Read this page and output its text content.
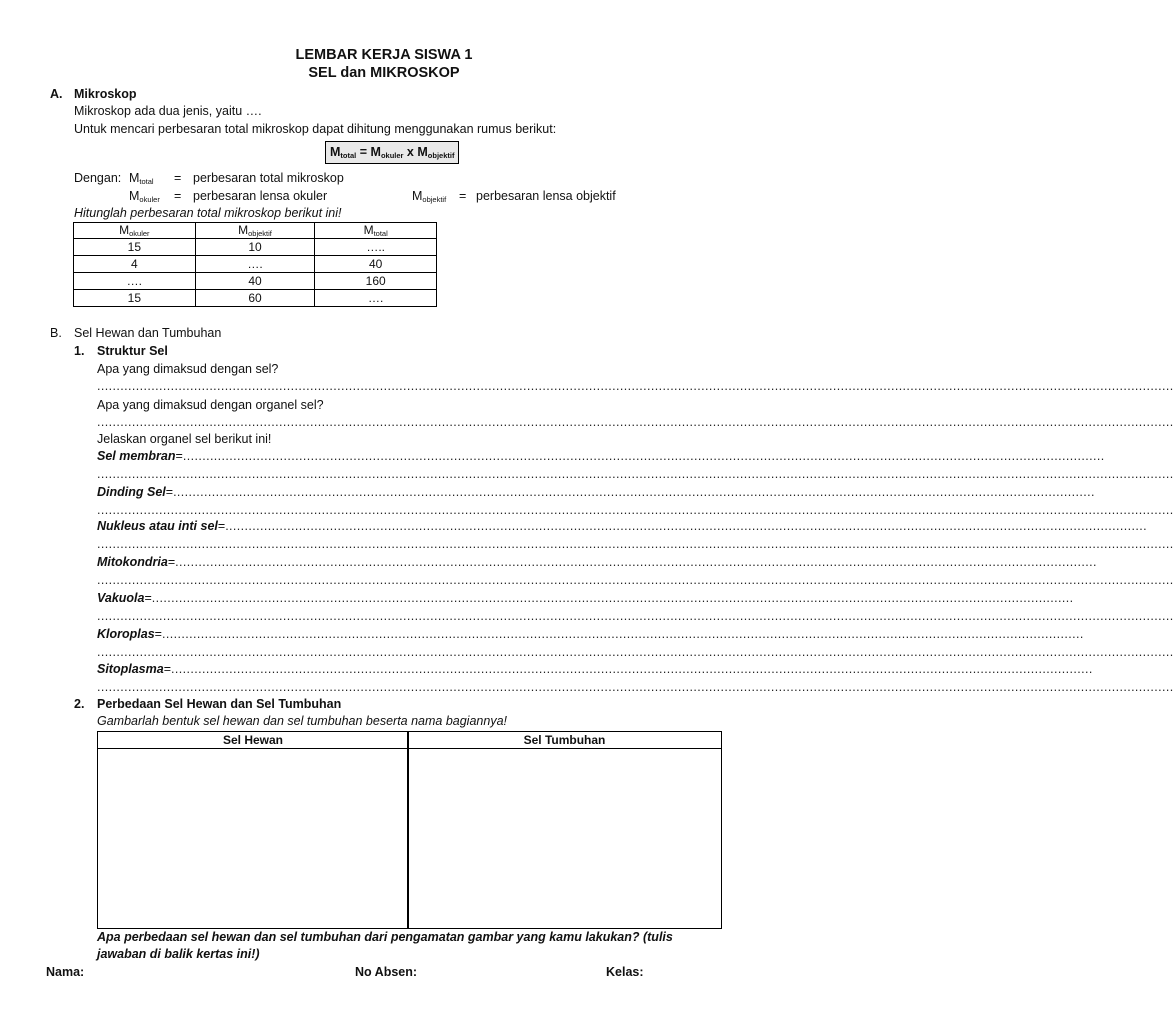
LEMBAR KERJA SISWA 1
SEL dan MIKROSKOP
A. Mikroskop
Mikroskop ada dua jenis, yaitu ….
Untuk mencari perbesaran total mikroskop dapat dihitung menggunakan rumus berikut:
$M_{total} = M_{okuler}$ x $M_{objektif}$
Dengan: $M_{total}$ = perbesaran total mikroskop
$M_{okuler}$ = perbesaran lensa okuler	$M_{objektif}$ = perbesaran lensa objektif
Hitunglah perbesaran total mikroskop berikut ini!
$M_{okuler}$	$M_{objektif}$	$M_{total}$
15	10	…..
4	….	40
….	40	160
15	60	….
B. Sel Hewan dan Tumbuhan
1. Struktur Sel
Apa yang dimaksud dengan sel?
......................................................................................................................................................................................................................................................................................
Apa yang dimaksud dengan organel sel?
......................................................................................................................................................................................................................................................................................
Jelaskan organel sel berikut ini!
Sel membran = ..............................................................................................................................................................................................................................................
......................................................................................................................................................................................................................................................................................
Dinding Sel = ..............................................................................................................................................................................................................................................
......................................................................................................................................................................................................................................................................................
Nukleus atau inti sel = ..............................................................................................................................................................................................................................................
......................................................................................................................................................................................................................................................................................
Mitokondria = ..............................................................................................................................................................................................................................................
......................................................................................................................................................................................................................................................................................
Vakuola = ..............................................................................................................................................................................................................................................
......................................................................................................................................................................................................................................................................................
Kloroplas = ..............................................................................................................................................................................................................................................
......................................................................................................................................................................................................................................................................................
Sitoplasma = ..............................................................................................................................................................................................................................................
......................................................................................................................................................................................................................................................................................
2. Perbedaan Sel Hewan dan Sel Tumbuhan
Gambarlah bentuk sel hewan dan sel tumbuhan beserta nama bagiannya!
Sel Hewan	Sel Tumbuhan
Apa perbedaan sel hewan dan sel tumbuhan dari pengamatan gambar yang kamu lakukan? (tulis
jawaban di balik kertas ini!)
Nama:	No Absen:	Kelas:
